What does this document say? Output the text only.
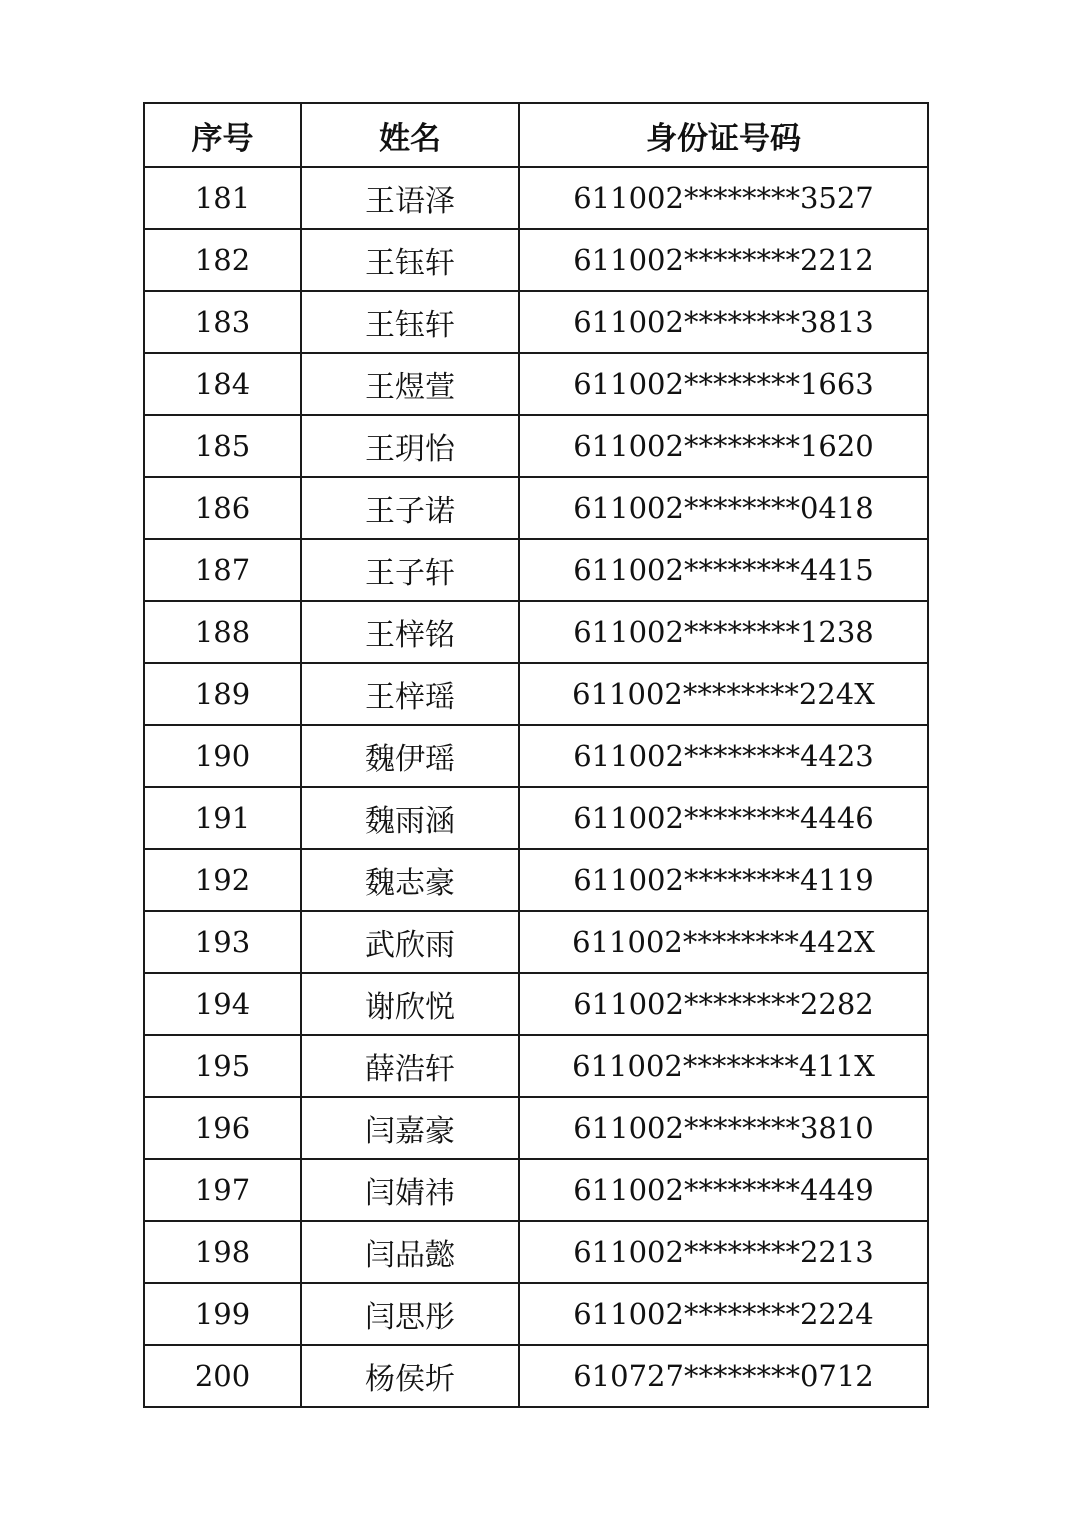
序号	姓名	身份证号码
181	王语泽	611002********3527
182	王钰轩	611002********2212
183	王钰轩	611002********3813
184	王煜萱	611002********1663
185	王玥怡	611002********1620
186	王子诺	611002********0418
187	王子轩	611002********4415
188	王梓铭	611002********1238
189	王梓瑶	611002********224X
190	魏伊瑶	611002********4423
191	魏雨涵	611002********4446
192	魏志豪	611002********4119
193	武欣雨	611002********442X
194	谢欣悦	611002********2282
195	薛浩轩	611002********411X
196	闫嘉豪	611002********3810
197	闫婧祎	611002********4449
198	闫品懿	611002********2213
199	闫思彤	611002********2224
200	杨侯圻	610727********0712
